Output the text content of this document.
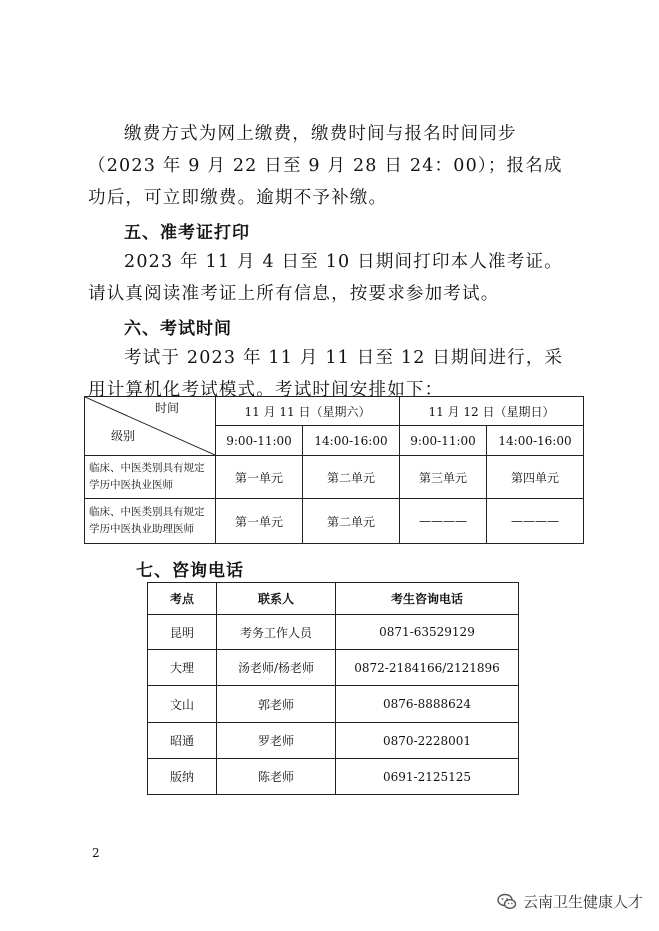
缴费方式为网上缴费，缴费时间与报名时间同步（2023 年 9 月 22 日至 9 月 28 日 24：00）；报名成功后，可立即缴费。逾期不予补缴。

五、准考证打印

2023 年 11 月 4 日至 10 日期间打印本人准考证。请认真阅读准考证上所有信息，按要求参加考试。

六、考试时间

考试于 2023 年 11 月 11 日至 12 日期间进行，采用计算机化考试模式。考试时间安排如下：

时间
级别	11 月 11 日（星期六）		11 月 12 日（星期日）	
	9:00-11:00	14:00-16:00	9:00-11:00	14:00-16:00
临床、中医类别具有规定学历中医执业医师	第一单元	第二单元	第三单元	第四单元
临床、中医类别具有规定学历中医执业助理医师	第一单元	第二单元	————	————
七、咨询电话
考点	联系人	考生咨询电话
昆明	考务工作人员	0871-63529129
大理	汤老师/杨老师	0872-2184166/2121896
文山	郭老师	0876-8888624
昭通	罗老师	0870-2228001
版纳	陈老师	0691-2125125
2
云南卫生健康人才
